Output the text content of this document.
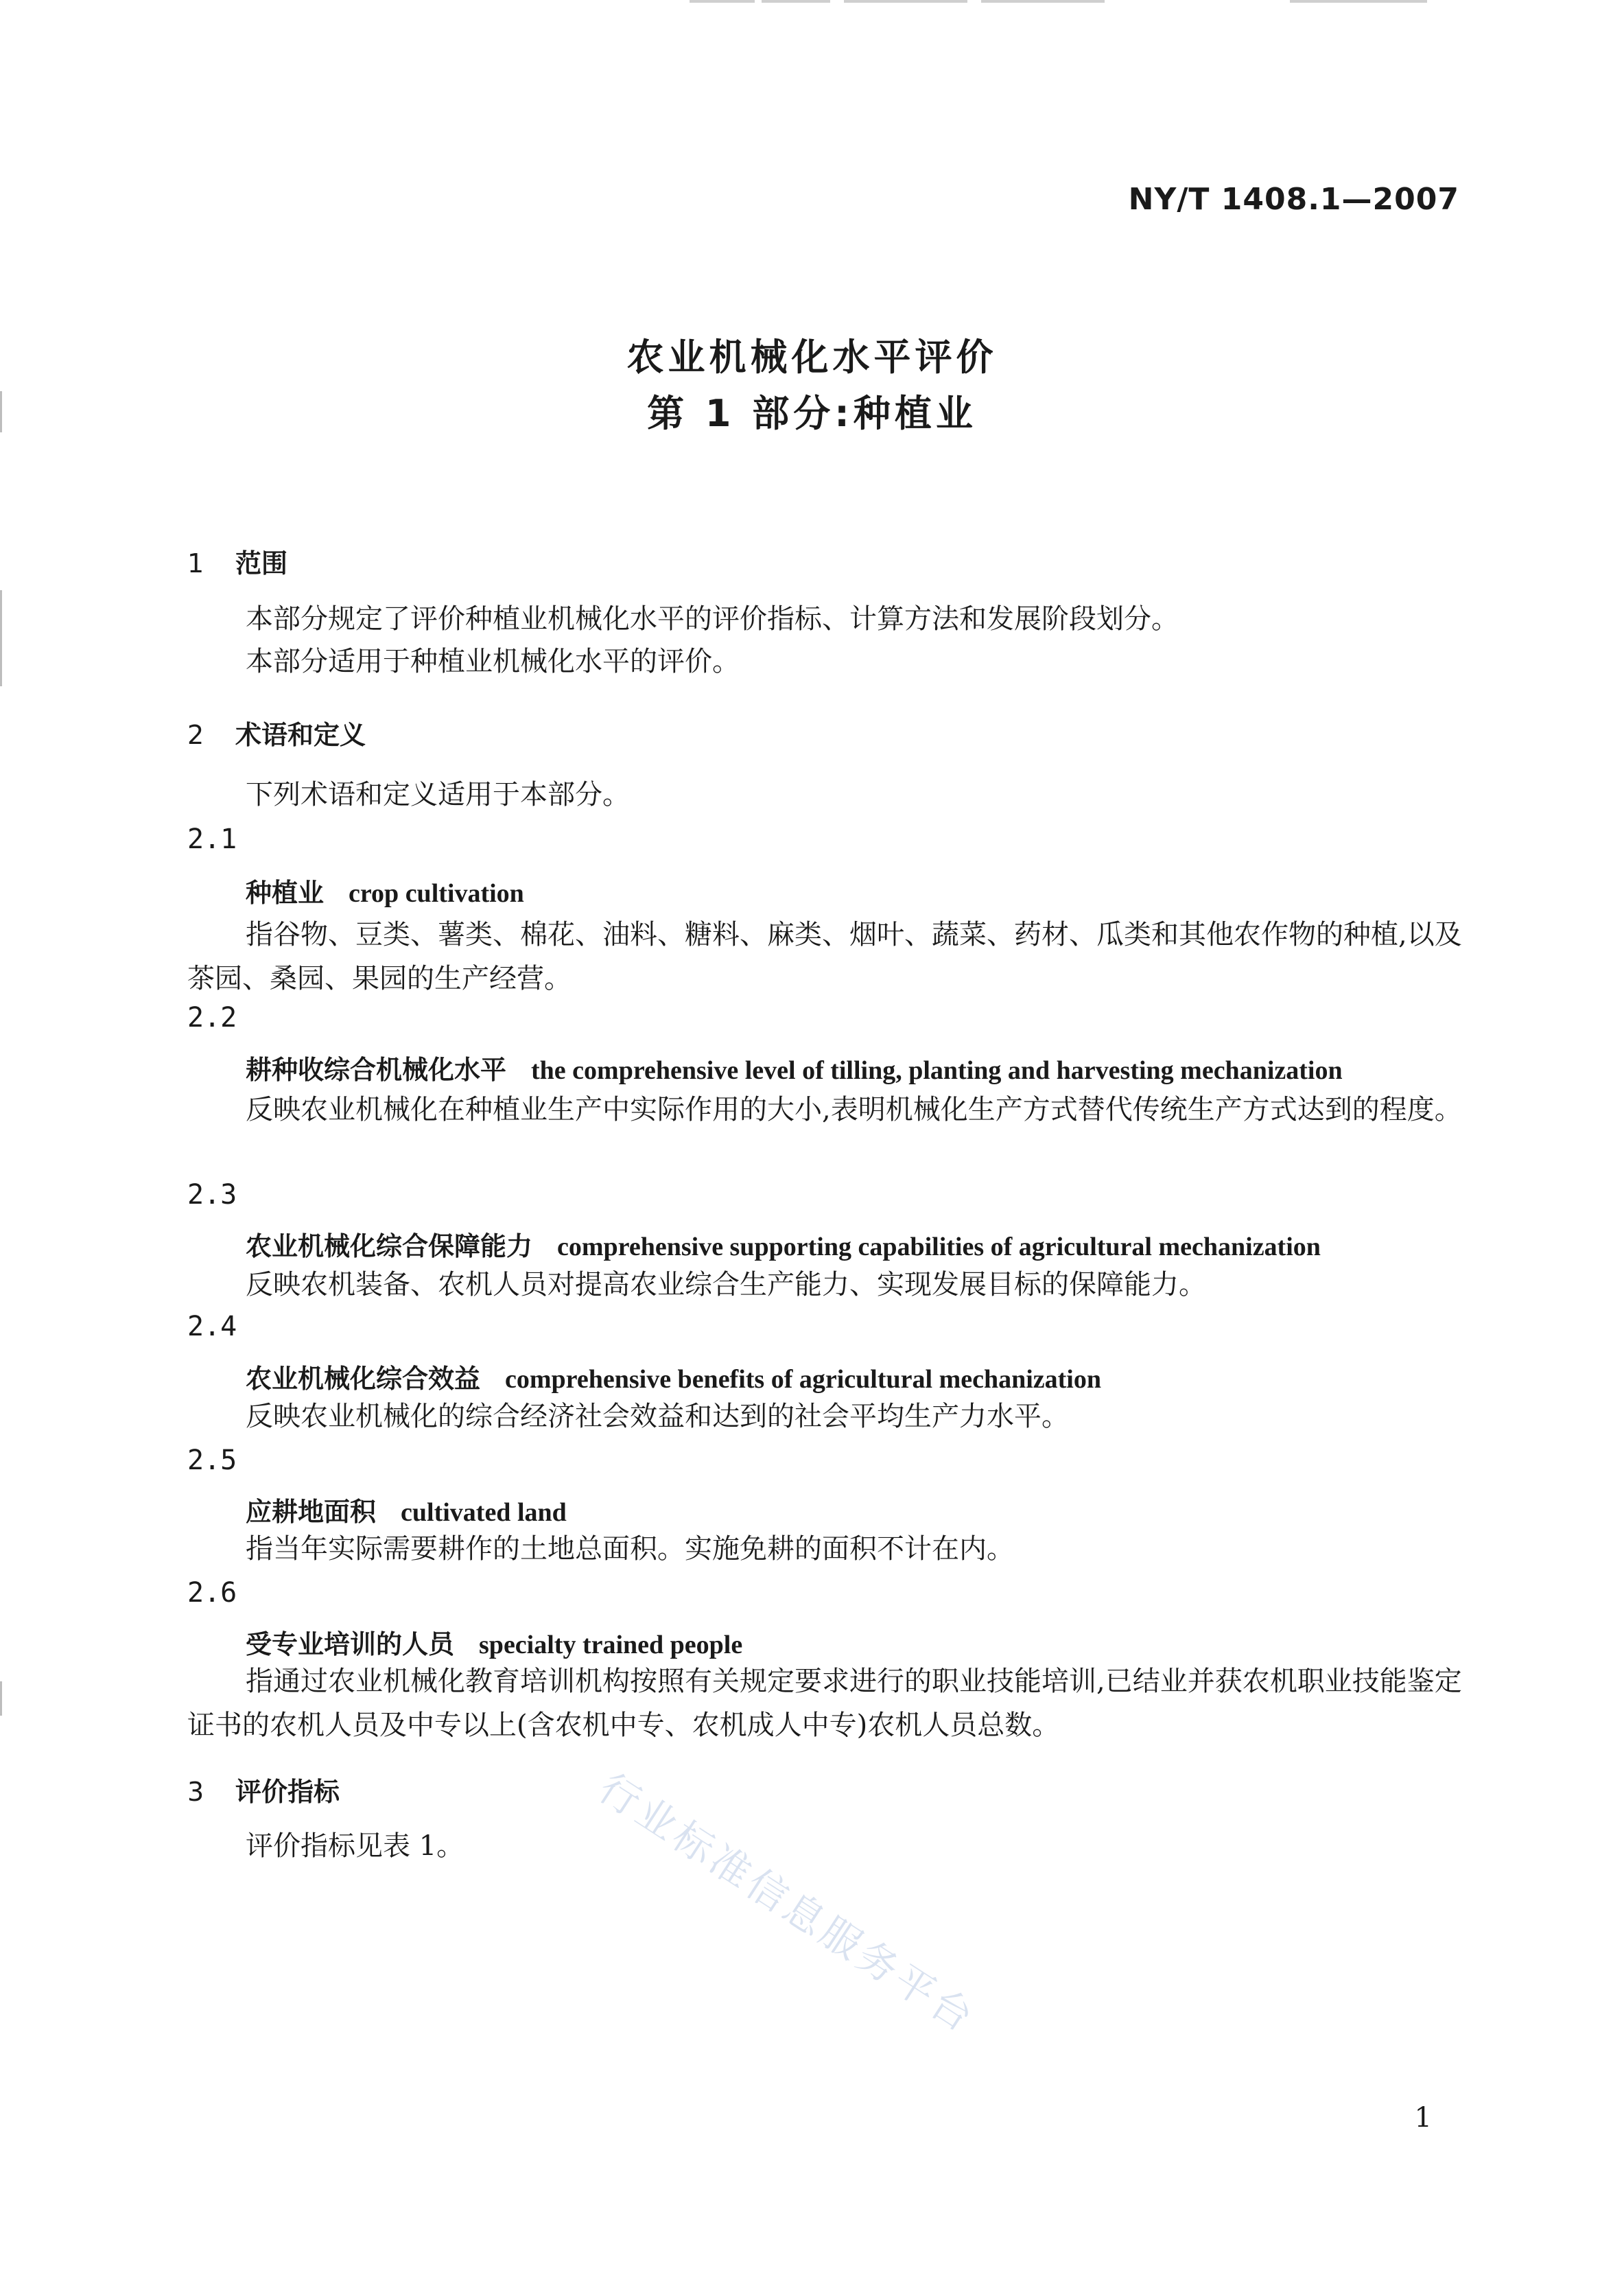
NY/T 1408.1—2007
农业机械化水平评价
第 1 部分:种植业
1 范围
本部分规定了评价种植业机械化水平的评价指标、计算方法和发展阶段划分。
本部分适用于种植业机械化水平的评价。
2 术语和定义
下列术语和定义适用于本部分。
2.1
种植业 crop cultivation
指谷物、豆类、薯类、棉花、油料、糖料、麻类、烟叶、蔬菜、药材、瓜类和其他农作物的种植,以及茶园、桑园、果园的生产经营。
2.2
耕种收综合机械化水平 the comprehensive level of tilling, planting and harvesting mechanization
反映农业机械化在种植业生产中实际作用的大小,表明机械化生产方式替代传统生产方式达到的程度。
2.3
农业机械化综合保障能力 comprehensive supporting capabilities of agricultural mechanization
反映农机装备、农机人员对提高农业综合生产能力、实现发展目标的保障能力。
2.4
农业机械化综合效益 comprehensive benefits of agricultural mechanization
反映农业机械化的综合经济社会效益和达到的社会平均生产力水平。
2.5
应耕地面积 cultivated land
指当年实际需要耕作的土地总面积。实施免耕的面积不计在内。
2.6
受专业培训的人员 specialty trained people
指通过农业机械化教育培训机构按照有关规定要求进行的职业技能培训,已结业并获农机职业技能鉴定证书的农机人员及中专以上(含农机中专、农机成人中专)农机人员总数。
3 评价指标
评价指标见表 1。	行业标准信息服务平台
1
